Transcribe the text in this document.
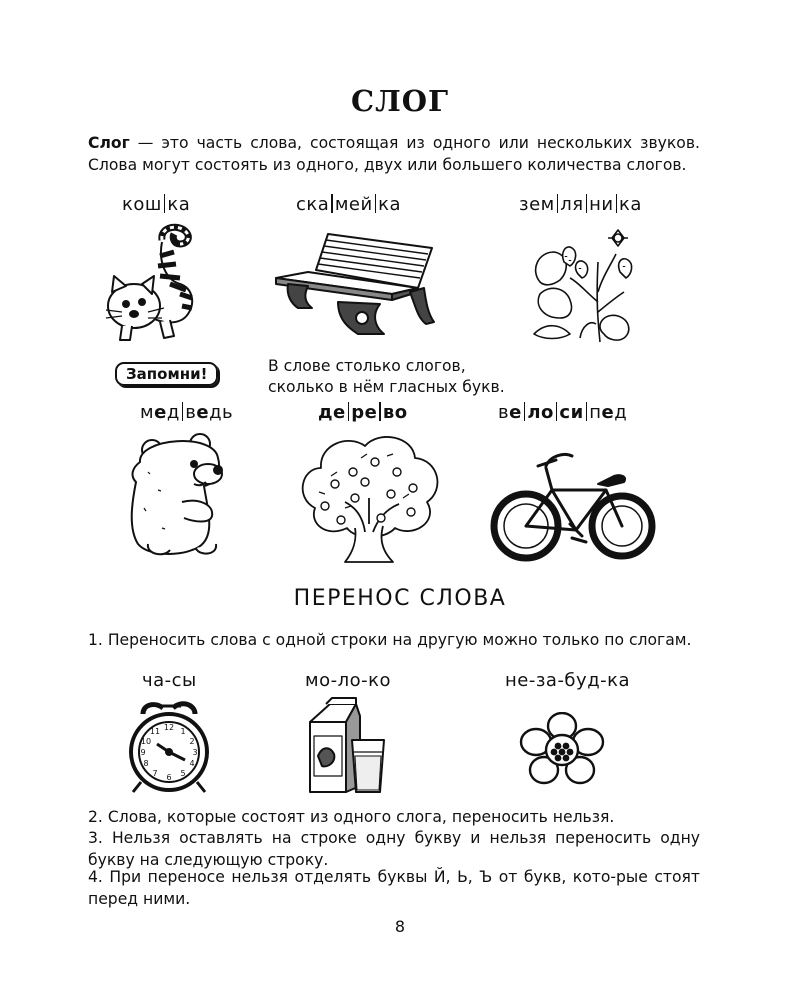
СЛОГ
Слог — это часть слова, состоящая из одного или нескольких звуков. Слова могут состоять из одного, двух или большего количества слогов.
кош ка	ска мей ка	зем ля ни ка
Запомни!	В слове столько слогов,
сколько в нём гласных букв.
мед ведь	де ре во	ве ло си пед
ПЕРЕНОС СЛОВА
1. Переносить слова с одной строки на другую можно только по слогам.
ча-сы	мо-ло-ко	не-за-буд-ка
12 1
2
3
4
5
6
7
8
9
10
11
2. Слова, которые состоят из одного слога, переносить нельзя.
3. Нельзя оставлять на строке одну букву и нельзя переносить одну букву на следующую строку.
4. При переносе нельзя отделять буквы Й, Ь, Ъ от букв, кото-рые стоят перед ними.
8
